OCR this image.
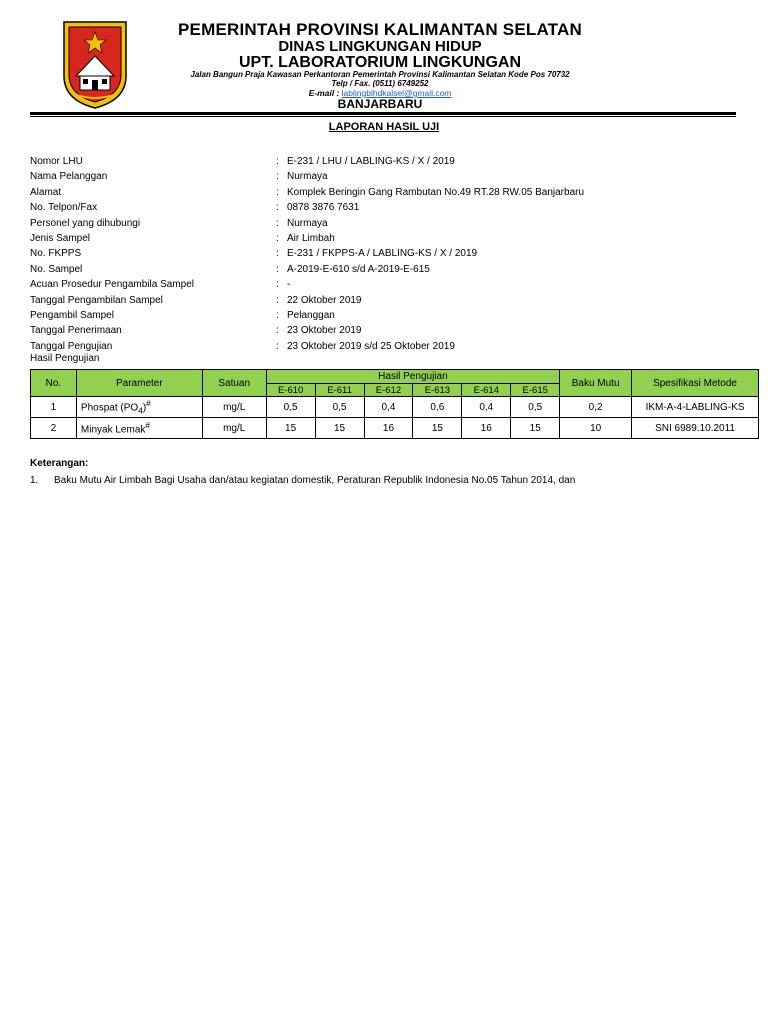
PEMERINTAH PROVINSI KALIMANTAN SELATAN
DINAS LINGKUNGAN HIDUP
UPT. LABORATORIUM LINGKUNGAN
Jalan Bangun Praja Kawasan Perkantoran Pemerintah Provinsi Kalimantan Selatan Kode Pos 70732
Telp / Fax. (0511) 6749252
E-mail : lablingblhdkalsel@gmail.com
BANJARBARU
LAPORAN HASIL UJI
Nomor LHU	: E-231 / LHU / LABLING-KS / X / 2019
Nama Pelanggan	: Nurmaya
Alamat	: Komplek Beringin Gang Rambutan No.49 RT.28 RW.05 Banjarbaru
No. Telpon/Fax	: 0878 3876 7631
Personel yang dihubungi	: Nurmaya
Jenis Sampel	: Air Limbah
No. FKPPS	: E-231 / FKPPS-A / LABLING-KS / X / 2019
No. Sampel	: A-2019-E-610 s/d A-2019-E-615
Acuan Prosedur Pengambila Sampel	: -
Tanggal Pengambilan Sampel	: 22 Oktober 2019
Pengambil Sampel	: Pelanggan
Tanggal Penerimaan	: 23 Oktober 2019
Tanggal Pengujian	: 23 Oktober 2019 s/d 25 Oktober 2019
Hasil Pengujian
No.	Parameter	Satuan	Hasil Pengujian						Baku Mutu	Spesifikasi Metode
			E-610	E-611	E-612	E-613	E-614	E-615		
1	Phospat $(PO_4)^{\#}$	mg/L	0,5	0,5	0,4	0,6	0,4	0,5	0,2	IKM-A-4-LABLING-KS
2	Minyak Lemak#	mg/L	15	15	16	15	16	15	10	SNI 6989.10.2011
Keterangan:
1. Baku Mutu Air Limbah Bagi Usaha dan/atau kegiatan domestik, Peraturan Republik Indonesia No.05 Tahun 2014, dan
